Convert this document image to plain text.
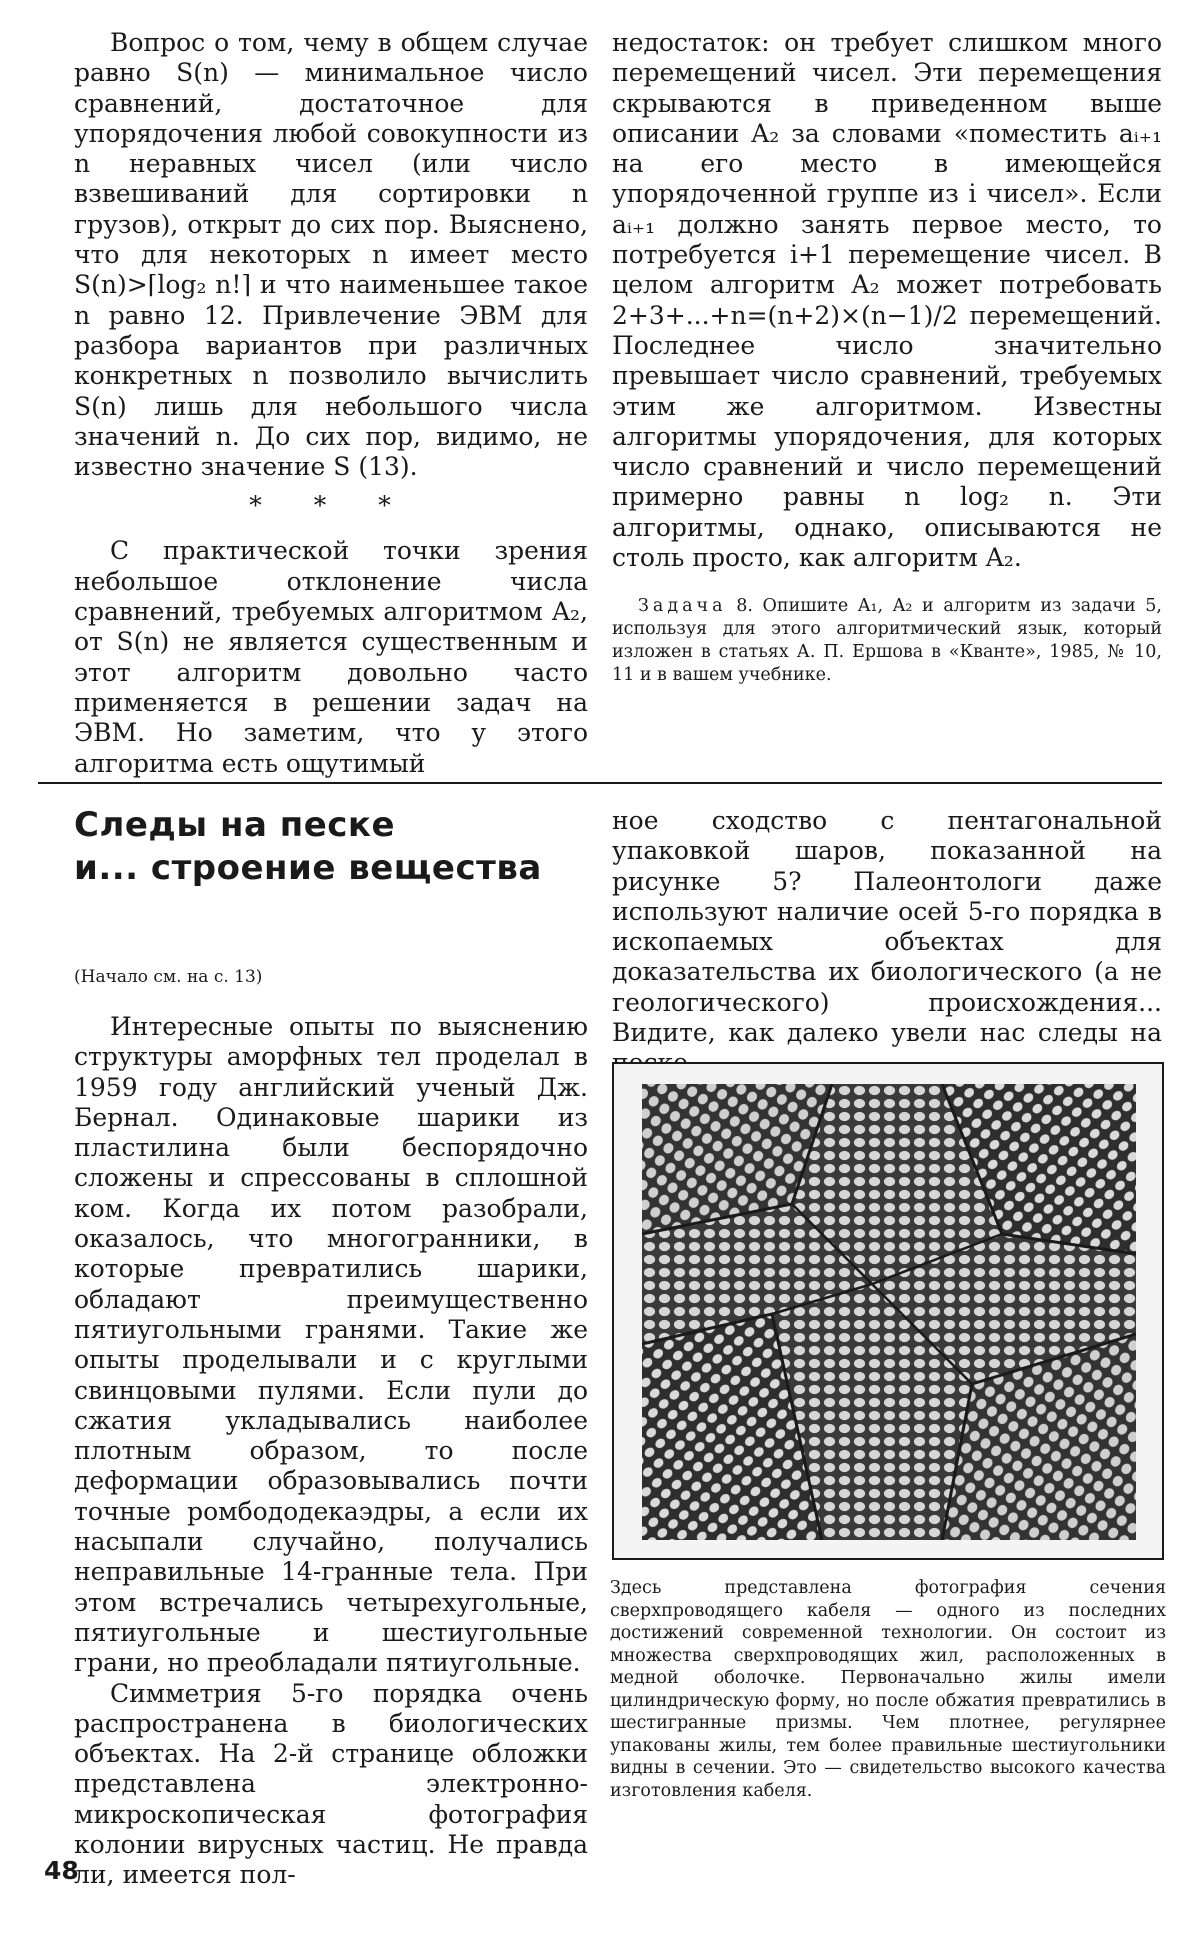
Вопрос о том, чему в общем случае равно S(n) — минимальное число сравнений, достаточное для упорядочения любой совокупности из n неравных чисел (или число взвешиваний для сортировки n грузов), открыт до сих пор. Выяснено, что для некоторых n имеет место S(n)>⌈log₂ n!⌉ и что наименьшее такое n равно 12. Привлечение ЭВМ для разбора вариантов при различных конкретных n позволило вычислить S(n) лишь для небольшого числа значений n. До сих пор, видимо, не известно значение S (13).

* * *

С практической точки зрения небольшое отклонение числа сравнений, требуемых алгоритмом A₂, от S(n) не является существенным и этот алгоритм довольно часто применяется в решении задач на ЭВМ. Но заметим, что у этого алгоритма есть ощутимый

недостаток: он требует слишком много перемещений чисел. Эти перемещения скрываются в приведенном выше описании A₂ за словами «поместить aᵢ₊₁ на его место в имеющейся упорядоченной группе из i чисел». Если aᵢ₊₁ должно занять первое место, то потребуется i+1 перемещение чисел. В целом алгоритм A₂ может потребовать 2+3+...+n=(n+2)×(n−1)/2 перемещений. Последнее число значительно превышает число сравнений, требуемых этим же алгоритмом. Известны алгоритмы упорядочения, для которых число сравнений и число перемещений примерно равны n log₂ n. Эти алгоритмы, однако, описываются не столь просто, как алгоритм A₂.

Задача 8. Опишите A₁, A₂ и алгоритм из задачи 5, используя для этого алгоритмический язык, который изложен в статьях А. П. Ершова в «Кванте», 1985, № 10, 11 и в вашем учебнике.

Следы на песке
и... строение вещества

(Начало см. на с. 13)

Интересные опыты по выяснению структуры аморфных тел проделал в 1959 году английский ученый Дж. Бернал. Одинаковые шарики из пластилина были беспорядочно сложены и спрессованы в сплошной ком. Когда их потом разобрали, оказалось, что многогранники, в которые превратились шарики, обладают преимущественно пятиугольными гранями. Такие же опыты проделывали и с круглыми свинцовыми пулями. Если пули до сжатия укладывались наиболее плотным образом, то после деформации образовывались почти точные ромбододекаэдры, а если их насыпали случайно, получались неправильные 14-гранные тела. При этом встречались четырехугольные, пятиугольные и шестиугольные грани, но преобладали пятиугольные.

Симметрия 5-го порядка очень распространена в биологических объектах. На 2-й странице обложки представлена электронно-микроскопическая фотография колонии вирусных частиц. Не правда ли, имеется пол-

ное сходство с пентагональной упаковкой шаров, показанной на рисунке 5? Палеонтологи даже используют наличие осей 5-го порядка в ископаемых объектах для доказательства их биологического (а не геологического) происхождения... Видите, как далеко увели нас следы на

Здесь представлена фотография сечения сверхпроводящего кабеля — одного из последних достижений современной технологии. Он состоит из множества сверхпроводящих жил, расположенных в медной оболочке. Первоначально жилы имели цилиндрическую форму, но после обжатия превратились в шестигранные призмы. Чем плотнее, регулярнее упакованы жилы, тем более правильные шестиугольники видны в сечении. Это — свидетельство высокого качества изготовления кабеля.

48
